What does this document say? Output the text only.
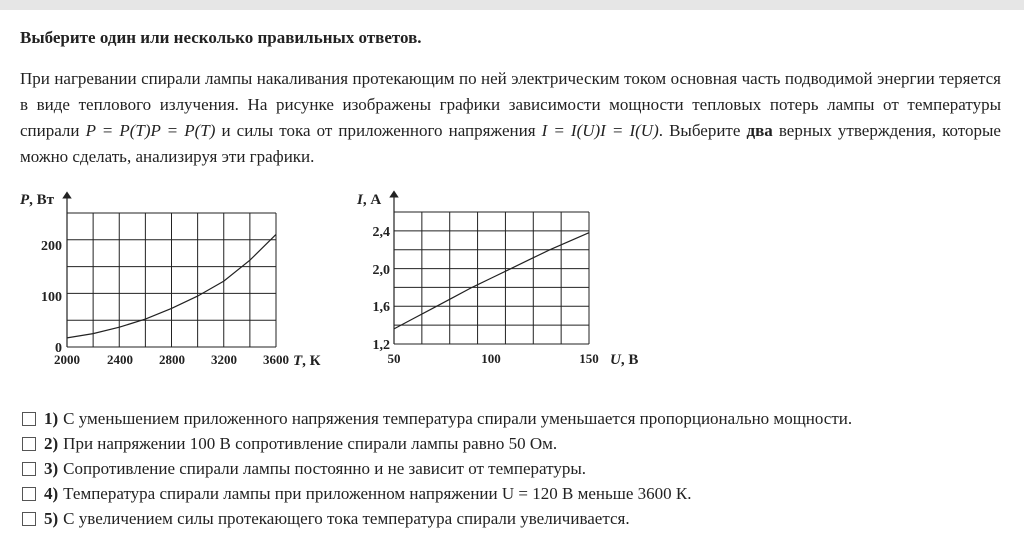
Выберите один или несколько правильных ответов.
При нагревании спирали лампы накаливания протекающим по ней электрическим током основная часть подводимой энергии теряется в виде теплового излучения. На рисунке изображены графики зависимости мощности тепловых потерь лампы от температуры спирали P = P(T)P = P(T) и силы тока от приложенного напряжения I = I(U)I = I(U). Выберите два верных утверждения, которые можно сделать, анализируя эти графики.
2000 2400 2800 3200 3600
0
100
200
P, Вт
T, К	50	100	150
1,2
1,6
2,0
2,4
I, А
U, В
1) С уменьшением приложенного напряжения температура спирали уменьшается пропорционально мощности.
2) При напряжении 100 В сопротивление спирали лампы равно 50 Ом.
3) Сопротивление спирали лампы постоянно и не зависит от температуры.
4) Температура спирали лампы при приложенном напряжении U = 120 В меньше 3600 К.
5) С увеличением силы протекающего тока температура спирали увеличивается.
